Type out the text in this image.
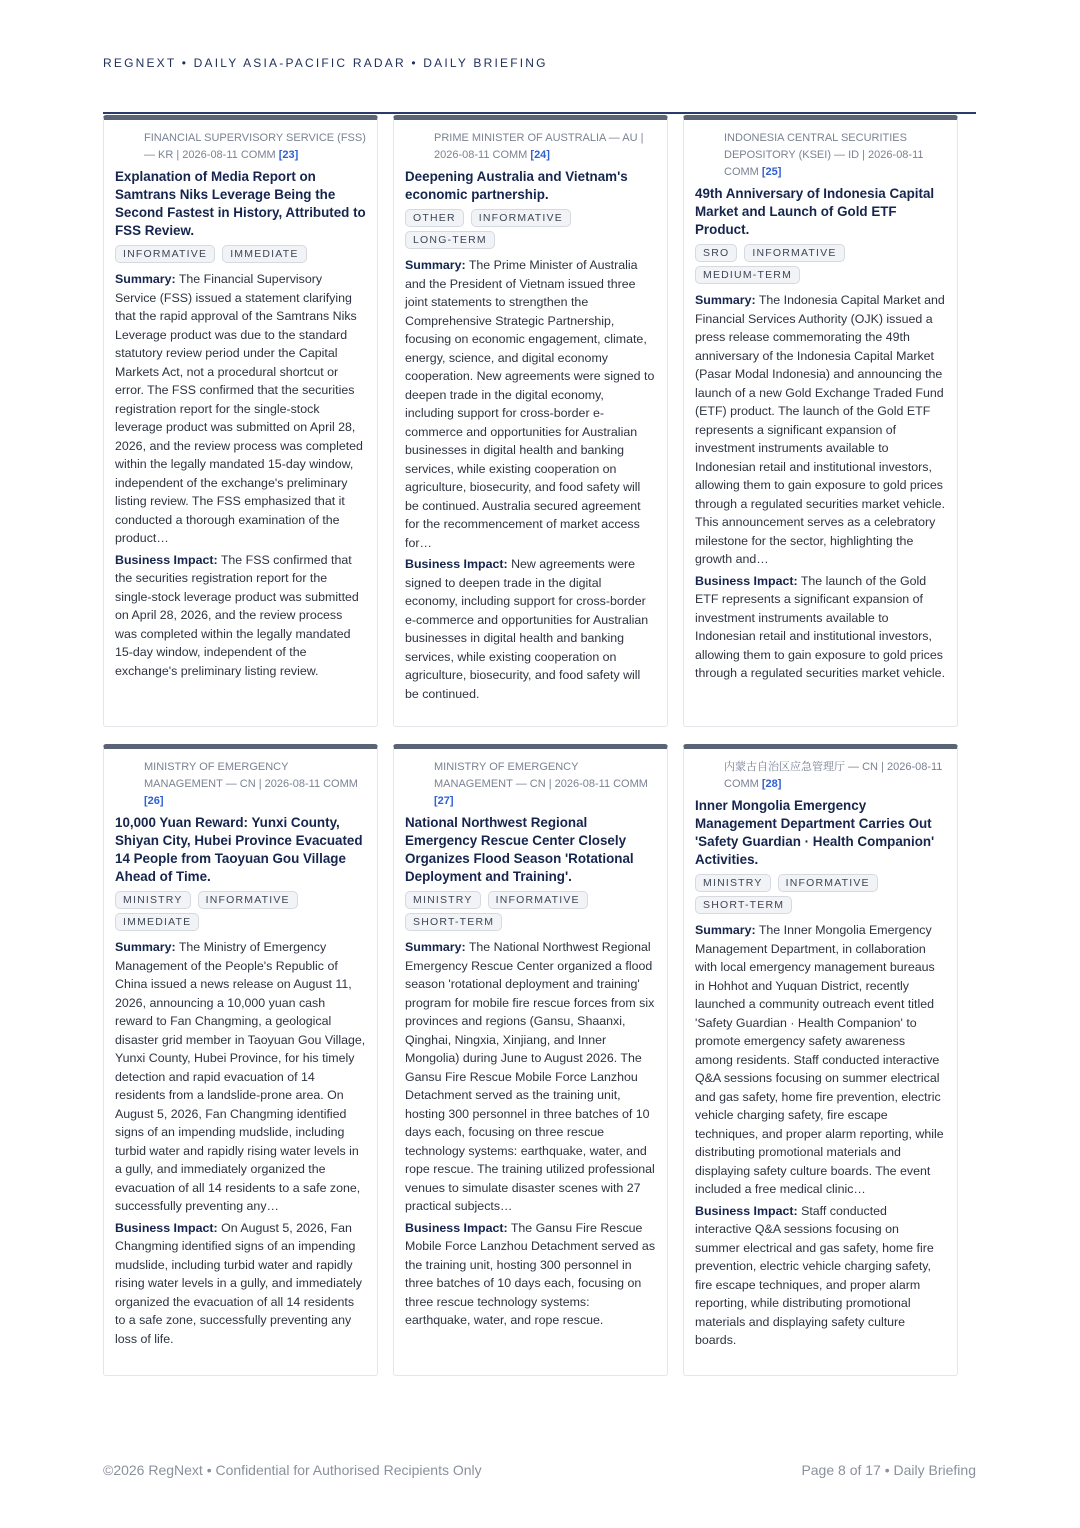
REGNEXT • DAILY ASIA-PACIFIC RADAR • DAILY BRIEFING
FINANCIAL SUPERVISORY SERVICE (FSS) — KR | 2026-08-11 COMM [23]
Explanation of Media Report on Samtrans Niks Leverage Being the Second Fastest in History, Attributed to FSS Review.
INFORMATIVE	IMMEDIATE

Summary: The Financial Supervisory Service (FSS) issued a statement clarifying that the rapid approval of the Samtrans Niks Leverage product was due to the standard statutory review period under the Capital Markets Act, not a procedural shortcut or error. The FSS confirmed that the securities registration report for the single-stock leverage product was submitted on April 28, 2026, and the review process was completed within the legally mandated 15-day window, independent of the exchange's preliminary listing review. The FSS emphasized that it conducted a thorough examination of the product…

Business Impact: The FSS confirmed that the securities registration report for the single-stock leverage product was submitted on April 28, 2026, and the review process was completed within the legally mandated 15-day window, independent of the exchange's preliminary listing review.

PRIME MINISTER OF AUSTRALIA — AU | 2026-08-11 COMM [24]
Deepening Australia and Vietnam's economic partnership.
OTHER	INFORMATIVE
LONG-TERM

Summary: The Prime Minister of Australia and the President of Vietnam issued three joint statements to strengthen the Comprehensive Strategic Partnership, focusing on economic engagement, climate, energy, science, and digital economy cooperation. New agreements were signed to deepen trade in the digital economy, including support for cross-border e-commerce and opportunities for Australian businesses in digital health and banking services, while existing cooperation on agriculture, biosecurity, and food safety will be continued. Australia secured agreement for the recommencement of market access for…

Business Impact: New agreements were signed to deepen trade in the digital economy, including support for cross-border e-commerce and opportunities for Australian businesses in digital health and banking services, while existing cooperation on agriculture, biosecurity, and food safety will be continued.

INDONESIA CENTRAL SECURITIES DEPOSITORY (KSEI) — ID | 2026-08-11 COMM [25]
49th Anniversary of Indonesia Capital Market and Launch of Gold ETF Product.
SRO	INFORMATIVE
MEDIUM-TERM

Summary: The Indonesia Capital Market and Financial Services Authority (OJK) issued a press release commemorating the 49th anniversary of the Indonesia Capital Market (Pasar Modal Indonesia) and announcing the launch of a new Gold Exchange Traded Fund (ETF) product. The launch of the Gold ETF represents a significant expansion of investment instruments available to Indonesian retail and institutional investors, allowing them to gain exposure to gold prices through a regulated securities market vehicle. This announcement serves as a celebratory milestone for the sector, highlighting the growth and…

Business Impact: The launch of the Gold ETF represents a significant expansion of investment instruments available to Indonesian retail and institutional investors, allowing them to gain exposure to gold prices through a regulated securities market vehicle.

MINISTRY OF EMERGENCY MANAGEMENT — CN | 2026-08-11 COMM [26]
10,000 Yuan Reward: Yunxi County, Shiyan City, Hubei Province Evacuated 14 People from Taoyuan Gou Village Ahead of Time.
MINISTRY	INFORMATIVE
IMMEDIATE

Summary: The Ministry of Emergency Management of the People's Republic of China issued a news release on August 11, 2026, announcing a 10,000 yuan cash reward to Fan Changming, a geological disaster grid member in Taoyuan Gou Village, Yunxi County, Hubei Province, for his timely detection and rapid evacuation of 14 residents from a landslide-prone area. On August 5, 2026, Fan Changming identified signs of an impending mudslide, including turbid water and rapidly rising water levels in a gully, and immediately organized the evacuation of all 14 residents to a safe zone, successfully preventing any…

Business Impact: On August 5, 2026, Fan Changming identified signs of an impending mudslide, including turbid water and rapidly rising water levels in a gully, and immediately organized the evacuation of all 14 residents to a safe zone, successfully preventing any loss of life.

MINISTRY OF EMERGENCY MANAGEMENT — CN | 2026-08-11 COMM [27]
National Northwest Regional Emergency Rescue Center Closely Organizes Flood Season 'Rotational Deployment and Training'.
MINISTRY	INFORMATIVE
SHORT-TERM

Summary: The National Northwest Regional Emergency Rescue Center organized a flood season 'rotational deployment and training' program for mobile fire rescue forces from six provinces and regions (Gansu, Shaanxi, Qinghai, Ningxia, Xinjiang, and Inner Mongolia) during June to August 2026. The Gansu Fire Rescue Mobile Force Lanzhou Detachment served as the training unit, hosting 300 personnel in three batches of 10 days each, focusing on three rescue technology systems: earthquake, water, and rope rescue. The training utilized professional venues to simulate disaster scenes with 27 practical subjects…

Business Impact: The Gansu Fire Rescue Mobile Force Lanzhou Detachment served as the training unit, hosting 300 personnel in three batches of 10 days each, focusing on three rescue technology systems: earthquake, water, and rope rescue.

内蒙古自治区应急管理厅 — CN | 2026-08-11 COMM [28]
Inner Mongolia Emergency Management Department Carries Out 'Safety Guardian · Health Companion' Activities.
MINISTRY	INFORMATIVE
SHORT-TERM

Summary: The Inner Mongolia Emergency Management Department, in collaboration with local emergency management bureaus in Hohhot and Yuquan District, recently launched a community outreach event titled 'Safety Guardian · Health Companion' to promote emergency safety awareness among residents. Staff conducted interactive Q&A sessions focusing on summer electrical and gas safety, home fire prevention, electric vehicle charging safety, fire escape techniques, and proper alarm reporting, while distributing promotional materials and displaying safety culture boards. The event included a free medical clinic…

Business Impact: Staff conducted interactive Q&A sessions focusing on summer electrical and gas safety, home fire prevention, electric vehicle charging safety, fire escape techniques, and proper alarm reporting, while distributing promotional materials and displaying safety culture boards.

©2026 RegNext • Confidential for Authorised Recipients Only	Page 8 of 17 • Daily Briefing
